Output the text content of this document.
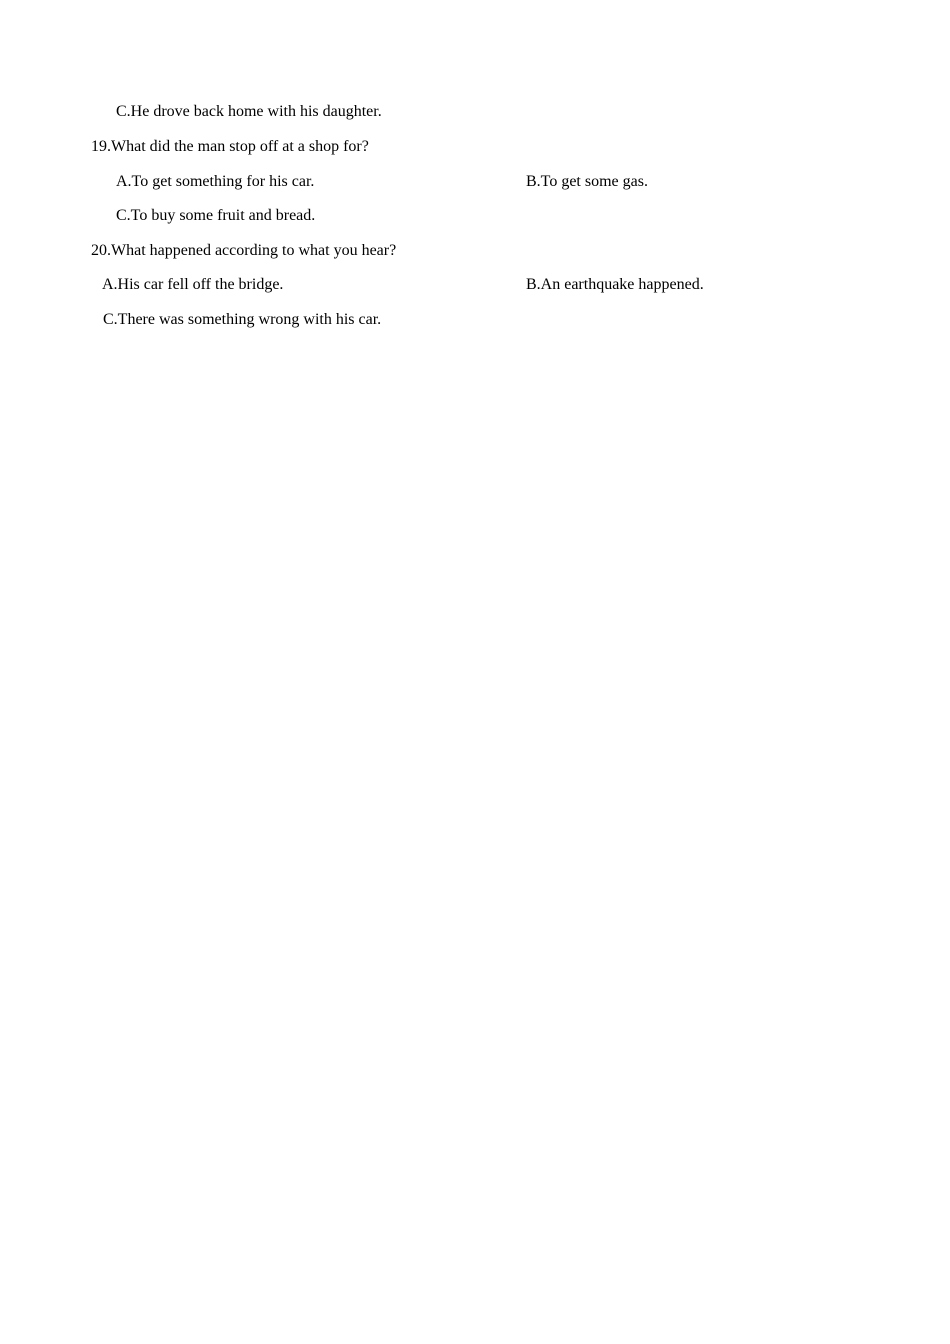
C.He drove back home with his daughter.
19.What did the man stop off at a shop for?
A.To get something for his car.	B.To get some gas.
C.To buy some fruit and bread.
20.What happened according to what you hear?
A.His car fell off the bridge.	B.An earthquake happened.
C.There was something wrong with his car.
